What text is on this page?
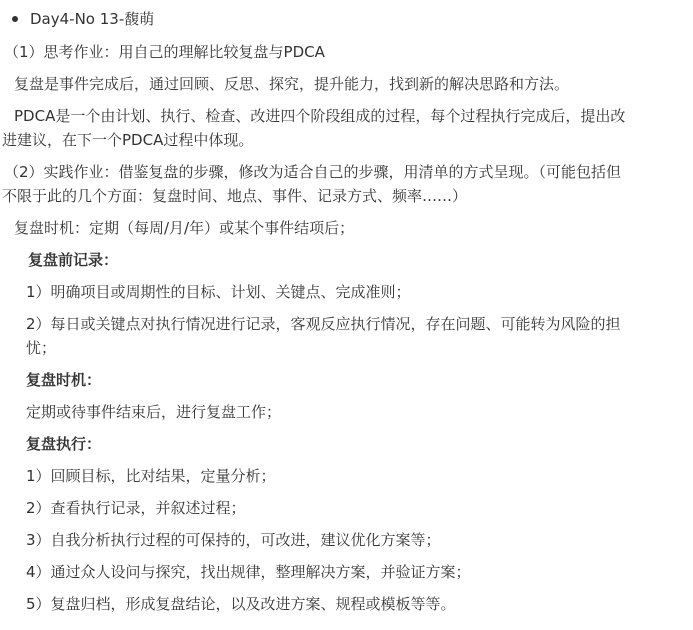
Day4-No 13-馥萌
（1）思考作业：用自己的理解比较复盘与PDCA
复盘是事件完成后，通过回顾、反思、探究，提升能力，找到新的解决思路和方法。
PDCA是一个由计划、执行、检查、改进四个阶段组成的过程，每个过程执行完成后，提出改
进建议，在下一个PDCA过程中体现。
（2）实践作业：借鉴复盘的步骤，修改为适合自己的步骤，用清单的方式呈现。（可能包括但
不限于此的几个方面：复盘时间、地点、事件、记录方式、频率……）
复盘时机：定期（每周/月/年）或某个事件结项后；
复盘前记录：
1）明确项目或周期性的目标、计划、关键点、完成准则；
2）每日或关键点对执行情况进行记录，客观反应执行情况，存在问题、可能转为风险的担
忧；
复盘时机：
定期或待事件结束后，进行复盘工作；
复盘执行：
1）回顾目标，比对结果，定量分析；
2）查看执行记录，并叙述过程；
3）自我分析执行过程的可保持的，可改进，建议优化方案等；
4）通过众人设问与探究，找出规律，整理解决方案，并验证方案；
5）复盘归档，形成复盘结论，以及改进方案、规程或模板等等。
